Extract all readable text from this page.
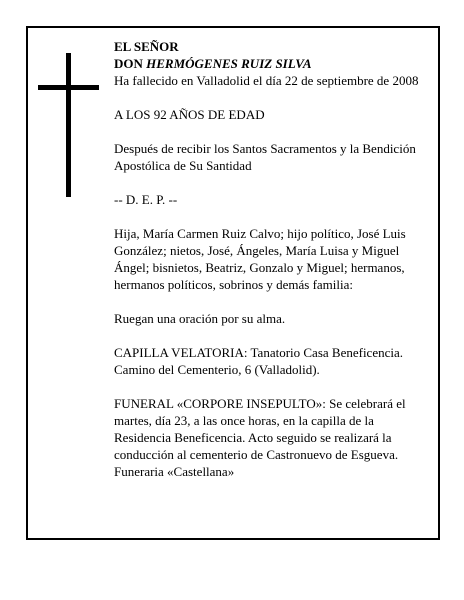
EL SEÑOR
DON HERMÓGENES RUIZ SILVA
Ha fallecido en Valladolid el día 22 de septiembre de 2008

A LOS 92 AÑOS DE EDAD

Después de recibir los Santos Sacramentos y la Bendición Apostólica de Su Santidad

-- D. E. P. --

Hija, María Carmen Ruiz Calvo; hijo político, José Luis González; nietos, José, Ángeles, María Luisa y Miguel Ángel; bisnietos, Beatriz, Gonzalo y Miguel; hermanos, hermanos políticos, sobrinos y demás familia:

Ruegan una oración por su alma.

CAPILLA VELATORIA: Tanatorio Casa Beneficencia. Camino del Cementerio, 6 (Valladolid).

FUNERAL «CORPORE INSEPULTO»: Se celebrará el martes, día 23, a las once horas, en la capilla de la Residencia Beneficencia. Acto seguido se realizará la conducción al cementerio de Castronuevo de Esgueva.
Funeraria «Castellana»
